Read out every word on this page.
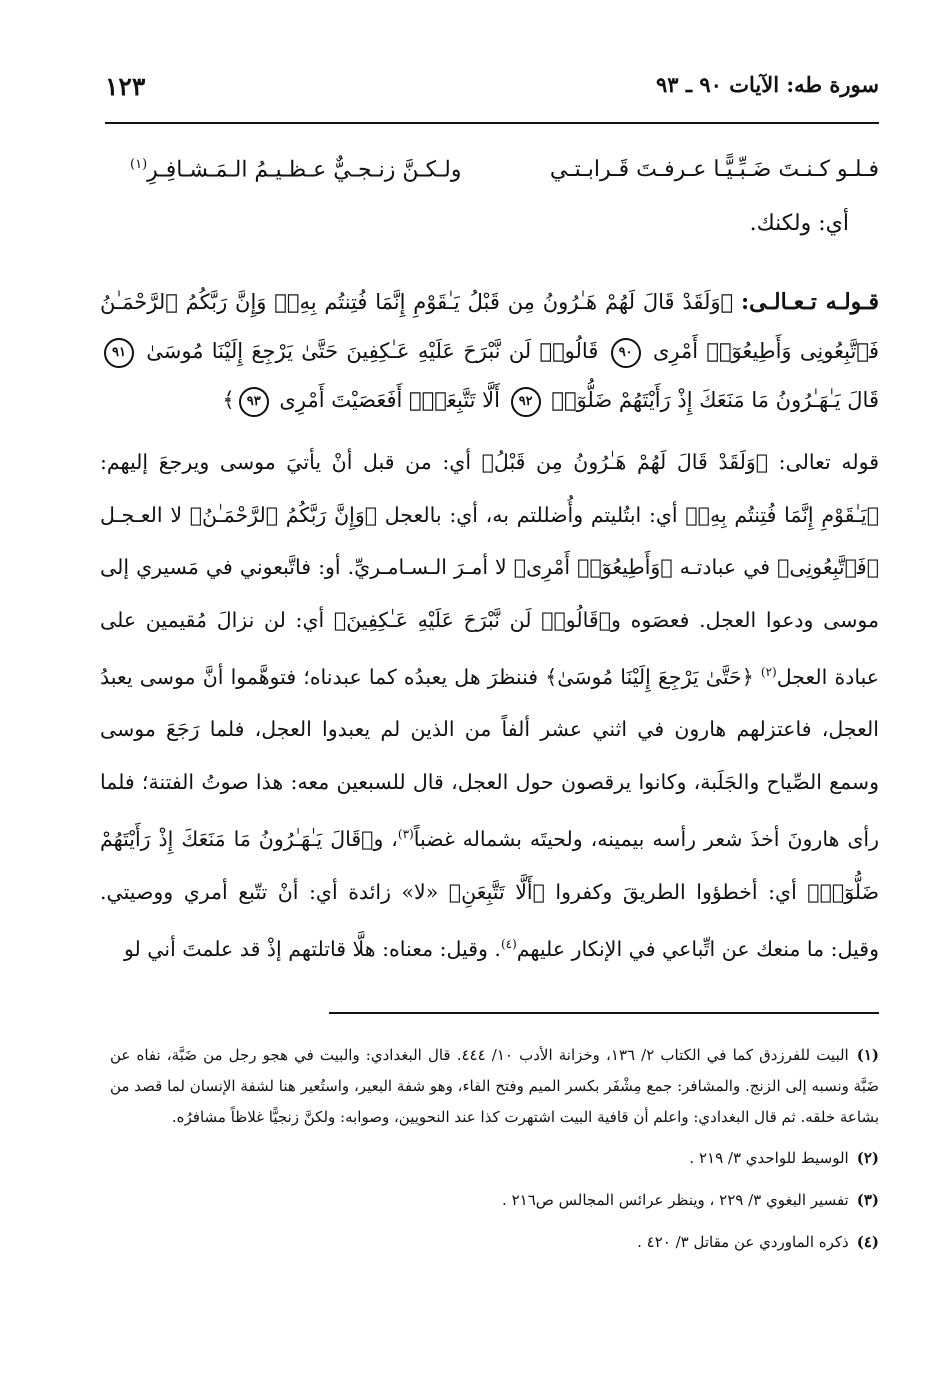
سورة طه: الآيات ٩٠ ـ ٩٣
١٢٣
فـلـو كـنـتَ ضَـبِّـيًّـا عـرفـتَ قَـرابـتـي
ولـكـنَّ زنـجـيٌّ عـظـيـمُ الـمَـشـافِـرِ$^{(١)}$
أي: ولكنك.
قـولـه تـعـالـى: ﴿وَلَقَدْ قَالَ لَهُمْ هَـٰرُونُ مِن قَبْلُ يَـٰقَوْمِ إِنَّمَا فُتِنتُم بِهِۦۖ وَإِنَّ رَبَّكُمُ ٱلرَّحْمَـٰنُ فَٱتَّبِعُونِى وَأَطِيعُوٓا۟ أَمْرِى ٩٠ قَالُوا۟ لَن نَّبْرَحَ عَلَيْهِ عَـٰكِفِينَ حَتَّىٰ يَرْجِعَ إِلَيْنَا مُوسَىٰ ٩١ قَالَ يَـٰهَـٰرُونُ مَا مَنَعَكَ إِذْ رَأَيْتَهُمْ ضَلُّوٓا۟ ٩٢ أَلَّا تَتَّبِعَنِۖ أَفَعَصَيْتَ أَمْرِى ٩٣﴾
قوله تعالى: ﴿وَلَقَدْ قَالَ لَهُمْ هَـٰرُونُ مِن قَبْلُ﴾ أي: من قبل أنْ يأتيَ موسى ويرجعَ إليهم: ﴿يَـٰقَوْمِ إِنَّمَا فُتِنتُم بِهِۦ﴾ أي: ابتُليتم وأُضللتم به، أي: بالعجل ﴿وَإِنَّ رَبَّكُمُ ٱلرَّحْمَـٰنُ﴾ لا العـجـل ﴿فَٱتَّبِعُونِى﴾ في عبادتـه ﴿وَأَطِيعُوٓا۟ أَمْرِى﴾ لا أمـرَ الـسـامـريِّ. أو: فاتَّبعوني في مَسيري إلى موسى ودعوا العجل. فعصَوه و﴿قَالُوا۟ لَن نَّبْرَحَ عَلَيْهِ عَـٰكِفِينَ﴾ أي: لن نزالَ مُقيمين على عبادة العجل$^{(٢)}$ ﴿حَتَّىٰ يَرْجِعَ إِلَيْنَا مُوسَىٰ﴾ فننظرَ هل يعبدُه كما عبدناه؛ فتوهَّموا أنَّ موسى يعبدُ العجل، فاعتزلهم هارون في اثني عشر ألفاً من الذين لم يعبدوا العجل، فلما رَجَعَ موسى وسمع الصِّياح والجَلَبة، وكانوا يرقصون حول العجل، قال للسبعين معه: هذا صوتُ الفتنة؛ فلما رأى هارونَ أخذَ شعر رأسه بيمينه، ولحيتَه بشماله غضباً$^{(٣)}$، و﴿قَالَ يَـٰهَـٰرُونُ مَا مَنَعَكَ إِذْ رَأَيْتَهُمْ ضَلُّوٓا۟﴾ أي: أخطؤوا الطريقَ وكفروا ﴿أَلَّا تَتَّبِعَنِ﴾ «لا» زائدة أي: أنْ تتّبع أمري ووصيتي. وقيل: ما منعك عن اتِّباعي في الإنكار عليهم$^{(٤)}$. وقيل: معناه: هلَّا قاتلتهم إذْ قد علمتَ أني لو
(١)البيت للفرزدق كما في الكتاب ٢/ ١٣٦، وخزانة الأدب ١٠/ ٤٤٤. قال البغدادي: والبيت في هجو رجل من ضَبَّة، نفاه عن ضَبَّة ونسبه إلى الزنج. والمشافر: جمع مِشْفَر بكسر الميم وفتح الفاء، وهو شفة البعير، واستُعير هنا لشفة الإنسان لما قصد من بشاعة خلقه. ثم قال البغدادي: واعلم أن قافية البيت اشتهرت كذا عند النحويين، وصوابه: ولكنَّ زنجيًّا غلاظاً مشافرُه.
(٢)الوسيط للواحدي ٣/ ٢١٩ .
(٣)تفسير البغوي ٣/ ٢٢٩ ، وينظر عرائس المجالس ص٢١٦ .
(٤)ذكره الماوردي عن مقاتل ٣/ ٤٢٠ .
